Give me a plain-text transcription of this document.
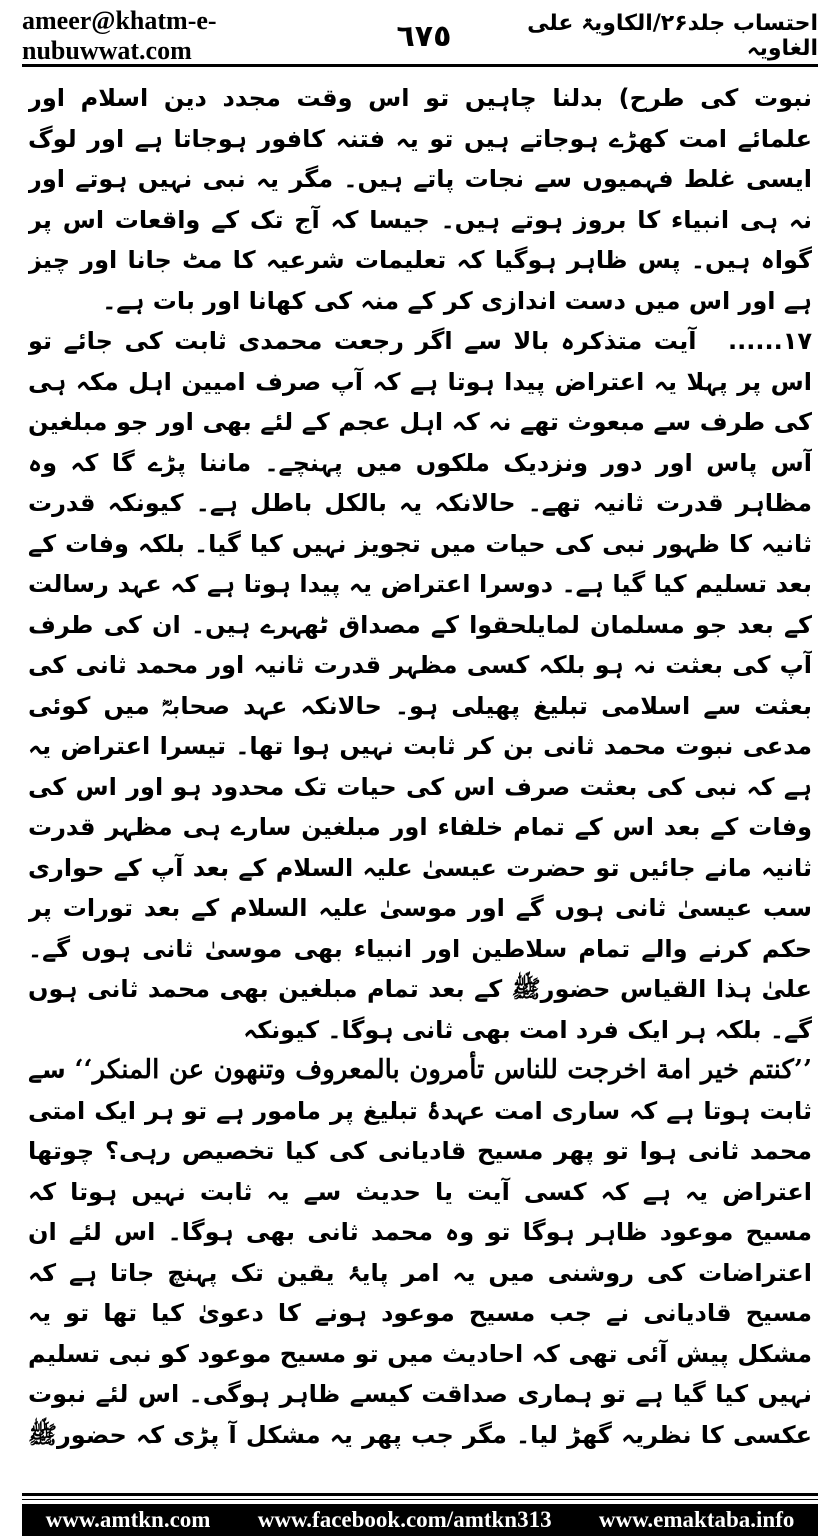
ameer@khatm-e-nubuwwat.com	٦٧٥	احتساب جلد۲۶/الکاویۃ علی الغاویہ

نبوت کی طرح) بدلنا چاہیں تو اس وقت مجدد دین اسلام اور علمائے امت کھڑے ہوجاتے ہیں تو یہ فتنہ کافور ہوجاتا ہے اور لوگ ایسی غلط فہمیوں سے نجات پاتے ہیں۔ مگر یہ نبی نہیں ہوتے اور نہ ہی انبیاء کا بروز ہوتے ہیں۔ جیسا کہ آج تک کے واقعات اس پر گواہ ہیں۔ پس ظاہر ہوگیا کہ تعلیمات شرعیہ کا مٹ جانا اور چیز ہے اور اس میں دست اندازی کر کے منہ کی کھانا اور بات ہے۔

۱۷...... آیت متذکرہ بالا سے اگر رجعت محمدی ثابت کی جائے تو اس پر پہلا یہ اعتراض پیدا ہوتا ہے کہ آپ صرف امیین اہل مکہ ہی کی طرف سے مبعوث تھے نہ کہ اہل عجم کے لئے بھی اور جو مبلغین آس پاس اور دور ونزدیک ملکوں میں پہنچے۔ ماننا پڑے گا کہ وہ مظاہر قدرت ثانیہ تھے۔ حالانکہ یہ بالکل باطل ہے۔ کیونکہ قدرت ثانیہ کا ظہور نبی کی حیات میں تجویز نہیں کیا گیا۔ بلکہ وفات کے بعد تسلیم کیا گیا ہے۔ دوسرا اعتراض یہ پیدا ہوتا ہے کہ عہد رسالت کے بعد جو مسلمان لمایلحقوا کے مصداق ٹھہرے ہیں۔ ان کی طرف آپ کی بعثت نہ ہو بلکہ کسی مظہر قدرت ثانیہ اور محمد ثانی کی بعثت سے اسلامی تبلیغ پھیلی ہو۔ حالانکہ عہد صحابہؓ میں کوئی مدعی نبوت محمد ثانی بن کر ثابت نہیں ہوا تھا۔ تیسرا اعتراض یہ ہے کہ نبی کی بعثت صرف اس کی حیات تک محدود ہو اور اس کی وفات کے بعد اس کے تمام خلفاء اور مبلغین سارے ہی مظہر قدرت ثانیہ مانے جائیں تو حضرت عیسیٰ علیہ السلام کے بعد آپ کے حواری سب عیسیٰ ثانی ہوں گے اور موسیٰ علیہ السلام کے بعد تورات پر حکم کرنے والے تمام سلاطین اور انبیاء بھی موسیٰ ثانی ہوں گے۔ علیٰ ہذا القیاس حضورﷺ کے بعد تمام مبلغین بھی محمد ثانی ہوں گے۔ بلکہ ہر ایک فرد امت بھی ثانی ہوگا۔ کیونکہ

’’کنتم خیر امة اخرجت للناس تأمرون بالمعروف وتنهون عن المنكر‘‘ سے ثابت ہوتا ہے کہ ساری امت عہدۂ تبلیغ پر مامور ہے تو ہر ایک امتی محمد ثانی ہوا تو پھر مسیح قادیانی کی کیا تخصیص رہی؟ چوتھا اعتراض یہ ہے کہ کسی آیت یا حدیث سے یہ ثابت نہیں ہوتا کہ مسیح موعود ظاہر ہوگا تو وہ محمد ثانی بھی ہوگا۔ اس لئے ان اعتراضات کی روشنی میں یہ امر پایۂ یقین تک پہنچ جاتا ہے کہ مسیح قادیانی نے جب مسیح موعود ہونے کا دعویٰ کیا تھا تو یہ مشکل پیش آئی تھی کہ احادیث میں تو مسیح موعود کو نبی تسلیم نہیں کیا گیا ہے تو ہماری صداقت کیسے ظاہر ہوگی۔ اس لئے نبوت عکسی کا نظریہ گھڑ لیا۔ مگر جب پھر یہ مشکل آ پڑی کہ حضورﷺ

www.amtkn.com www.facebook.com/amtkn313 www.emaktaba.info
